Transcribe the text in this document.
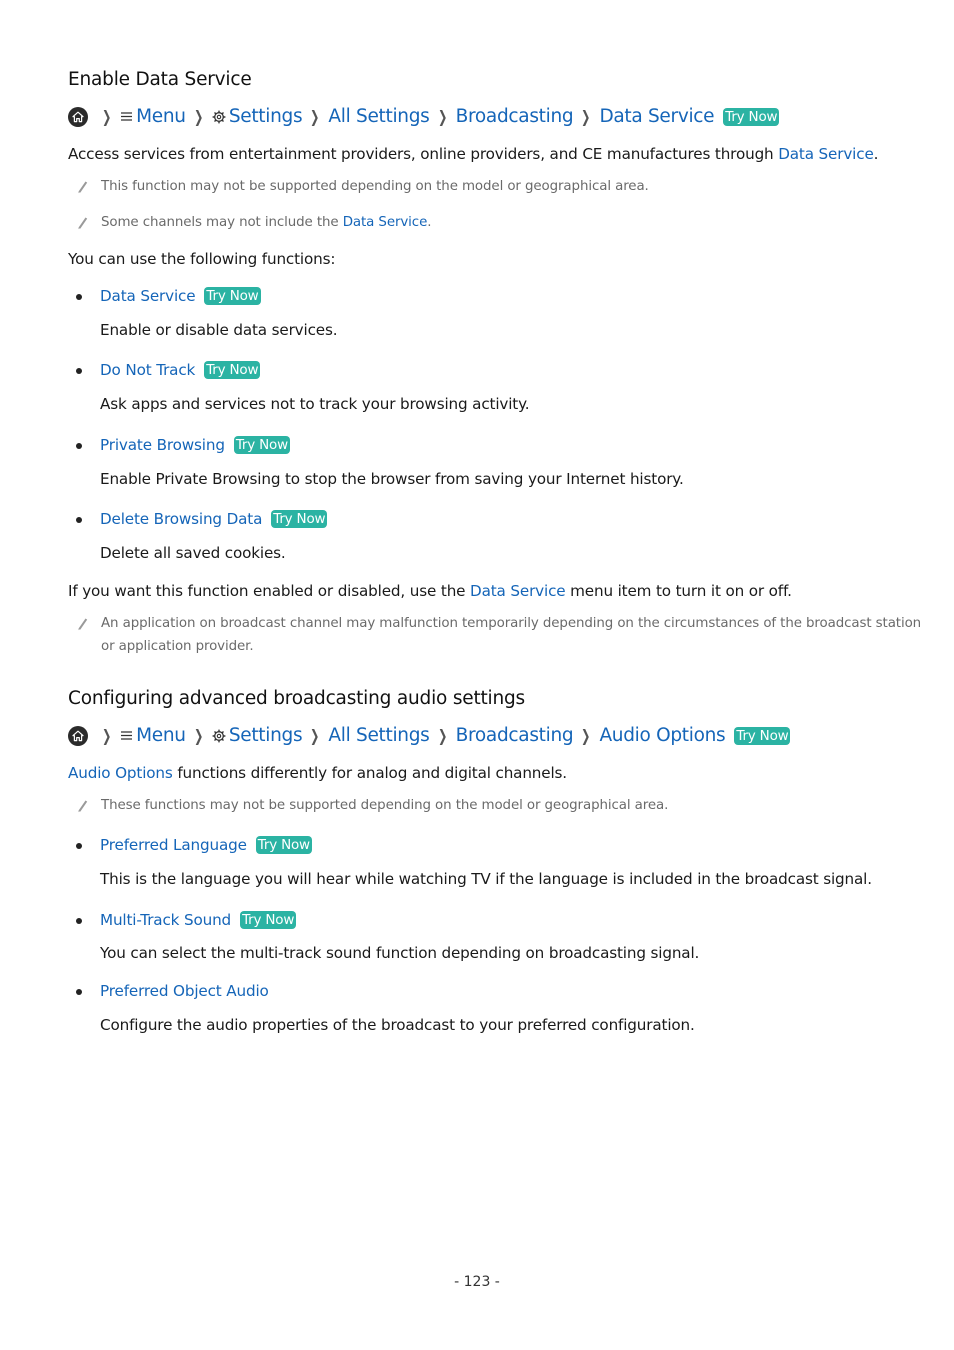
Enable Data Service
❯ Menu ❯ Settings ❯ All Settings ❯ Broadcasting ❯ Data Service Try Now

Access services from entertainment providers, online providers, and CE manufactures through Data Service.

This function may not be supported depending on the model or geographical area.
Some channels may not include the Data Service.

You can use the following functions:

Data Service Try Now
Enable or disable data services.
Do Not Track Try Now
Ask apps and services not to track your browsing activity.
Private Browsing Try Now
Enable Private Browsing to stop the browser from saving your Internet history.
Delete Browsing Data Try Now
Delete all saved cookies.

If you want this function enabled or disabled, use the Data Service menu item to turn it on or off.

An application on broadcast channel may malfunction temporarily depending on the circumstances of the broadcast station
or application provider.
Configuring advanced broadcasting audio settings
❯ Menu ❯ Settings ❯ All Settings ❯ Broadcasting ❯ Audio Options Try Now

Audio Options functions differently for analog and digital channels.

These functions may not be supported depending on the model or geographical area.
Preferred Language Try Now
This is the language you will hear while watching TV if the language is included in the broadcast signal.
Multi-Track Sound Try Now
You can select the multi-track sound function depending on broadcasting signal.
Preferred Object Audio
Configure the audio properties of the broadcast to your preferred configuration.
- 123 -
